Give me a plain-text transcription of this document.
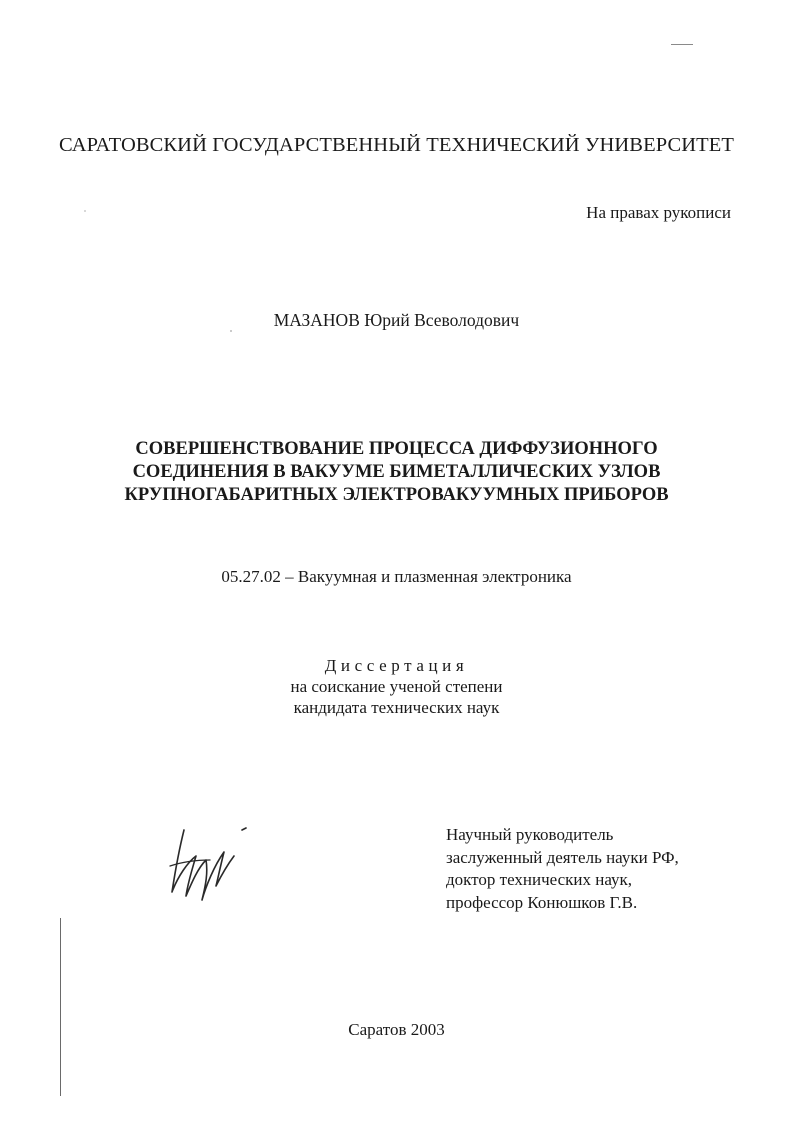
САРАТОВСКИЙ ГОСУДАРСТВЕННЫЙ ТЕХНИЧЕСКИЙ УНИВЕРСИТЕТ
На правах рукописи
МАЗАНОВ Юрий Всеволодович
СОВЕРШЕНСТВОВАНИЕ ПРОЦЕССА ДИФФУЗИОННОГО
СОЕДИНЕНИЯ В ВАКУУМЕ БИМЕТАЛЛИЧЕСКИХ УЗЛОВ
КРУПНОГАБАРИТНЫХ ЭЛЕКТРОВАКУУМНЫХ ПРИБОРОВ
05.27.02 – Вакуумная и плазменная электроника
Диссертация
на соискание ученой степени
кандидата технических наук
Научный руководитель
заслуженный деятель науки РФ,
доктор технических наук,
профессор Конюшков Г.В.
Саратов 2003
